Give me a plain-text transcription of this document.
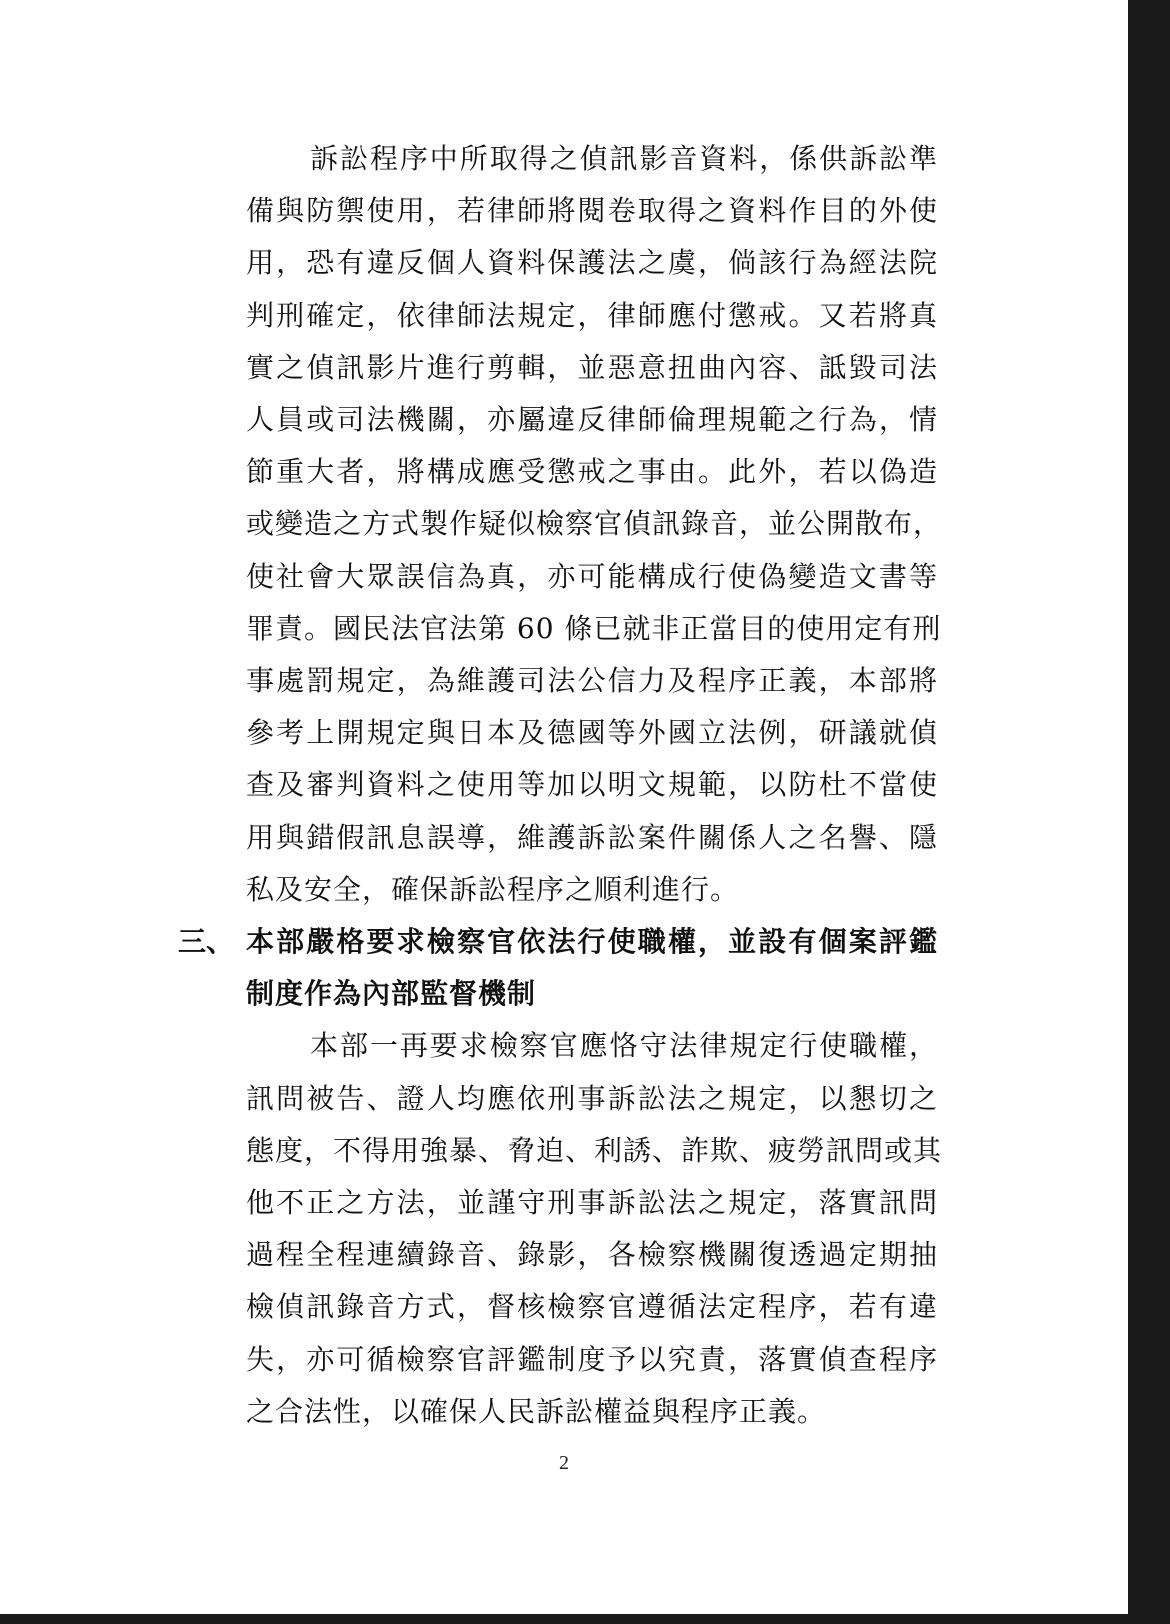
訴訟程序中所取得之偵訊影音資料，係供訴訟準
備與防禦使用，若律師將閱卷取得之資料作目的外使
用，恐有違反個人資料保護法之虞，倘該行為經法院
判刑確定，依律師法規定，律師應付懲戒。又若將真
實之偵訊影片進行剪輯，並惡意扭曲內容、詆毀司法
人員或司法機關，亦屬違反律師倫理規範之行為，情
節重大者，將構成應受懲戒之事由。此外，若以偽造
或變造之方式製作疑似檢察官偵訊錄音，並公開散布，
使社會大眾誤信為真，亦可能構成行使偽變造文書等
罪責。國民法官法第 60 條已就非正當目的使用定有刑
事處罰規定，為維護司法公信力及程序正義，本部將
參考上開規定與日本及德國等外國立法例，研議就偵
查及審判資料之使用等加以明文規範，以防杜不當使
用與錯假訊息誤導，維護訴訟案件關係人之名譽、隱
私及安全，確保訴訟程序之順利進行。
三、 本部嚴格要求檢察官依法行使職權，並設有個案評鑑
制度作為內部監督機制
本部一再要求檢察官應恪守法律規定行使職權，
訊問被告、證人均應依刑事訴訟法之規定，以懇切之
態度，不得用強暴、脅迫、利誘、詐欺、疲勞訊問或其
他不正之方法，並謹守刑事訴訟法之規定，落實訊問
過程全程連續錄音、錄影，各檢察機關復透過定期抽
檢偵訊錄音方式，督核檢察官遵循法定程序，若有違
失，亦可循檢察官評鑑制度予以究責，落實偵查程序
之合法性，以確保人民訴訟權益與程序正義。
2
